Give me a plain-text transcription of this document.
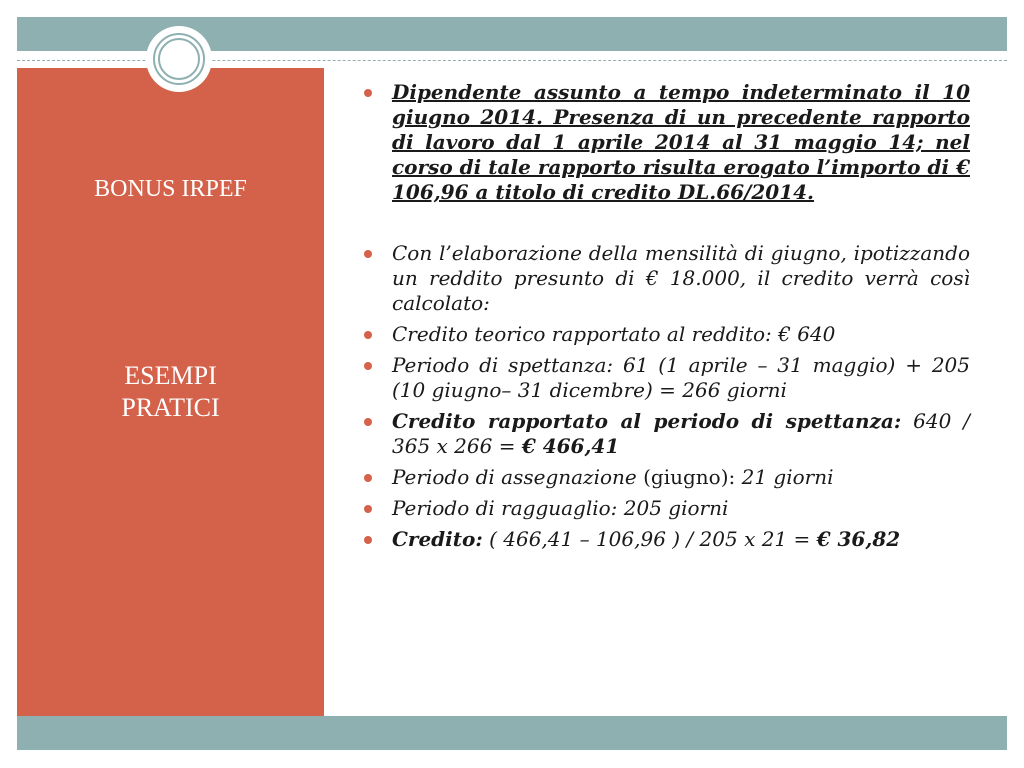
BONUS IRPEF
ESEMPI
PRATICI
Dipendente assunto a tempo indeterminato il 10 giugno 2014. Presenza di un precedente rapporto di lavoro dal 1 aprile 2014 al 31 maggio 14; nel corso di tale rapporto risulta erogato l’importo di € 106,96 a titolo di credito DL.66/2014.
Con l’elaborazione della mensilità di giugno, ipotizzando un reddito presunto di € 18.000, il credito verrà così calcolato:
Credito teorico rapportato al reddito: € 640
Periodo di spettanza: 61 (1 aprile – 31 maggio) + 205 (10 giugno– 31 dicembre) = 266 giorni
Credito rapportato al periodo di spettanza: 640 / 365 x 266 = € 466,41
Periodo di assegnazione (giugno): 21 giorni
Periodo di ragguaglio: 205 giorni
Credito: ( 466,41 – 106,96 ) / 205 x 21 = € 36,82
